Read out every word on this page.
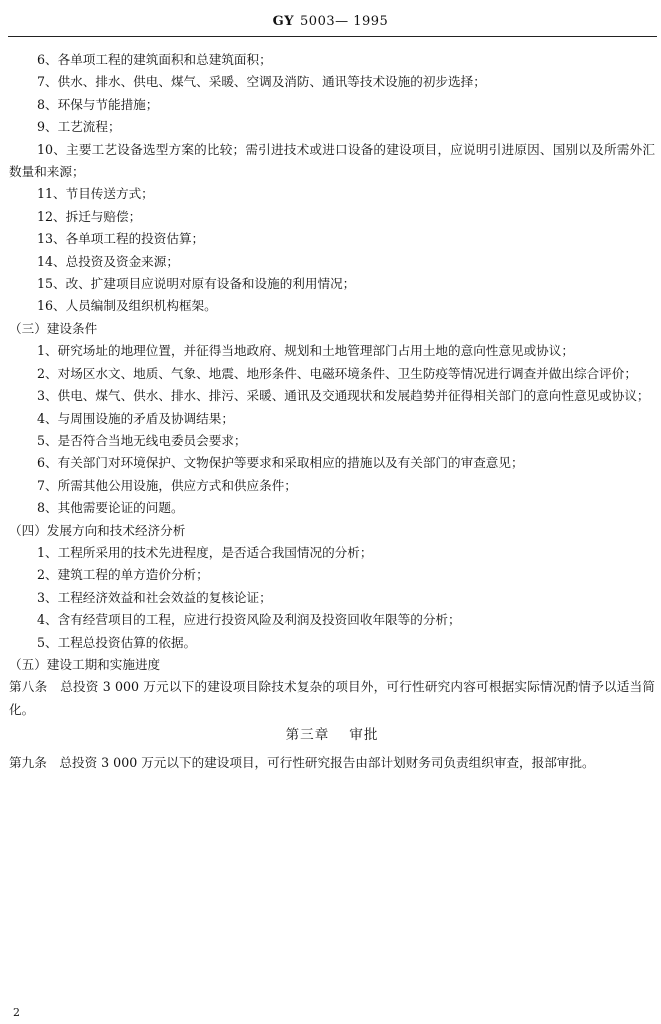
GY 5003— 1995
6、各单项工程的建筑面积和总建筑面积；
7、供水、排水、供电、煤气、采暖、空调及消防、通讯等技术设施的初步选择；
8、环保与节能措施；
9、工艺流程；
10、主要工艺设备选型方案的比较；需引进技术或进口设备的建设项目，应说明引进原因、国别以及所需外汇数量和来源；
11、节目传送方式；
12、拆迁与赔偿；
13、各单项工程的投资估算；
14、总投资及资金来源；
15、改、扩建项目应说明对原有设备和设施的利用情况；
16、人员编制及组织机构框架。
（三）建设条件
1、研究场址的地理位置，并征得当地政府、规划和土地管理部门占用土地的意向性意见或协议；
2、对场区水文、地质、气象、地震、地形条件、电磁环境条件、卫生防疫等情况进行调查并做出综合评价；
3、供电、煤气、供水、排水、排污、采暖、通讯及交通现状和发展趋势并征得相关部门的意向性意见或协议；
4、与周围设施的矛盾及协调结果；
5、是否符合当地无线电委员会要求；
6、有关部门对环境保护、文物保护等要求和采取相应的措施以及有关部门的审查意见；
7、所需其他公用设施，供应方式和供应条件；
8、其他需要论证的问题。
（四）发展方向和技术经济分析
1、工程所采用的技术先进程度，是否适合我国情况的分析；
2、建筑工程的单方造价分析；
3、工程经济效益和社会效益的复核论证；
4、含有经营项目的工程，应进行投资风险及利润及投资回收年限等的分析；
5、工程总投资估算的依据。
（五）建设工期和实施进度
第八条　总投资 3 000 万元以下的建设项目除技术复杂的项目外，可行性研究内容可根据实际情况酌情予以适当简化。
第三章 审批
第九条　总投资 3 000 万元以下的建设项目，可行性研究报告由部计划财务司负责组织审查，报部审批。
2
